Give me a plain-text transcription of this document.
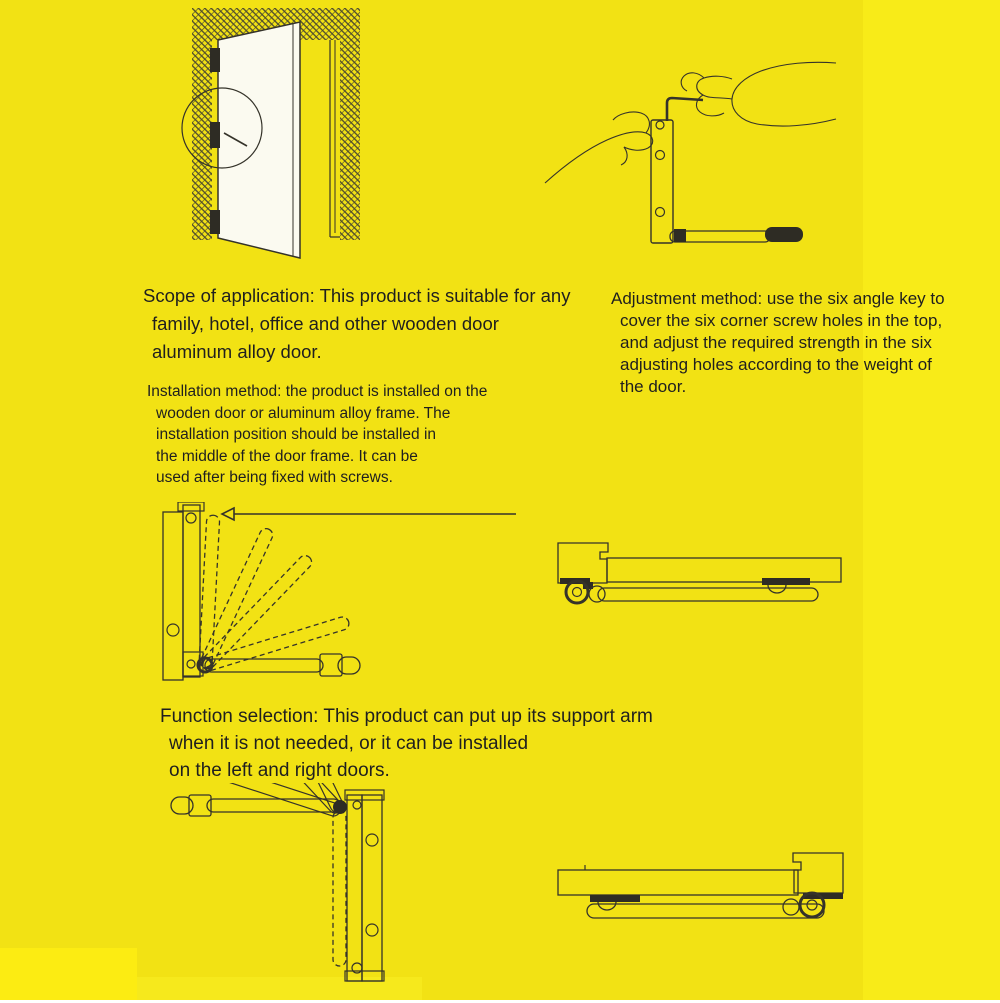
Scope of application: This product is suitable for any
family, hotel, office and other wooden door
aluminum alloy door.
Adjustment method: use the six angle key to
cover the six corner screw holes in the top,
and adjust the required strength in the six
adjusting holes according to the weight of
the door.
Installation method: the product is installed on the
wooden door or aluminum alloy frame. The
installation position should be installed in
the middle of the door frame. It can be
used after being fixed with screws.
Function selection: This product can put up its support arm
when it is not needed, or it can be installed
on the left and right doors.
